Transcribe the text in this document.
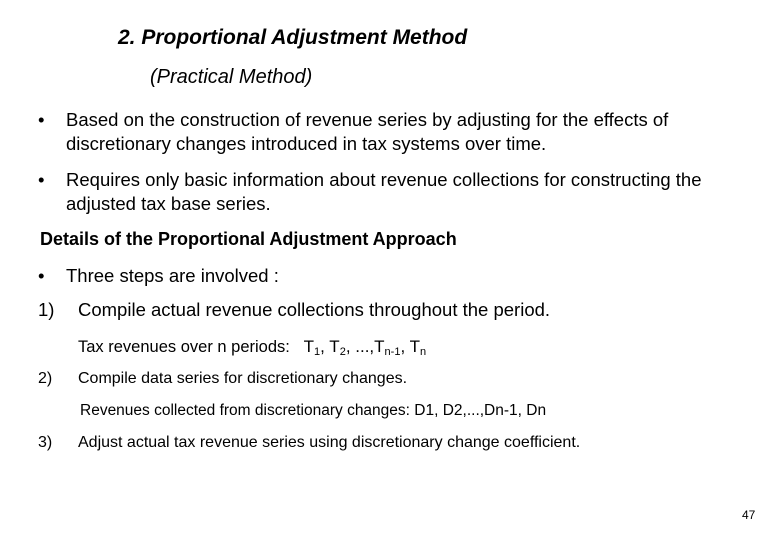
2. Proportional Adjustment Method
(Practical Method)
•	Based on the construction of revenue series by adjusting for the effects of
discretionary changes introduced in tax systems over time.
•	Requires only basic information about revenue collections for constructing the
adjusted tax base series.
Details of the Proportional Adjustment Approach
•	Three steps are involved :
1) Compile actual revenue collections throughout the period.
Tax revenues over n periods: $T_1$, $T_2$, $...,T_{n-1}$, $T_n$
2) Compile data series for discretionary changes.
Revenues collected from discretionary changes: D1, D2,...,Dn-1, Dn
3) Adjust actual tax revenue series using discretionary change coefficient.
47
